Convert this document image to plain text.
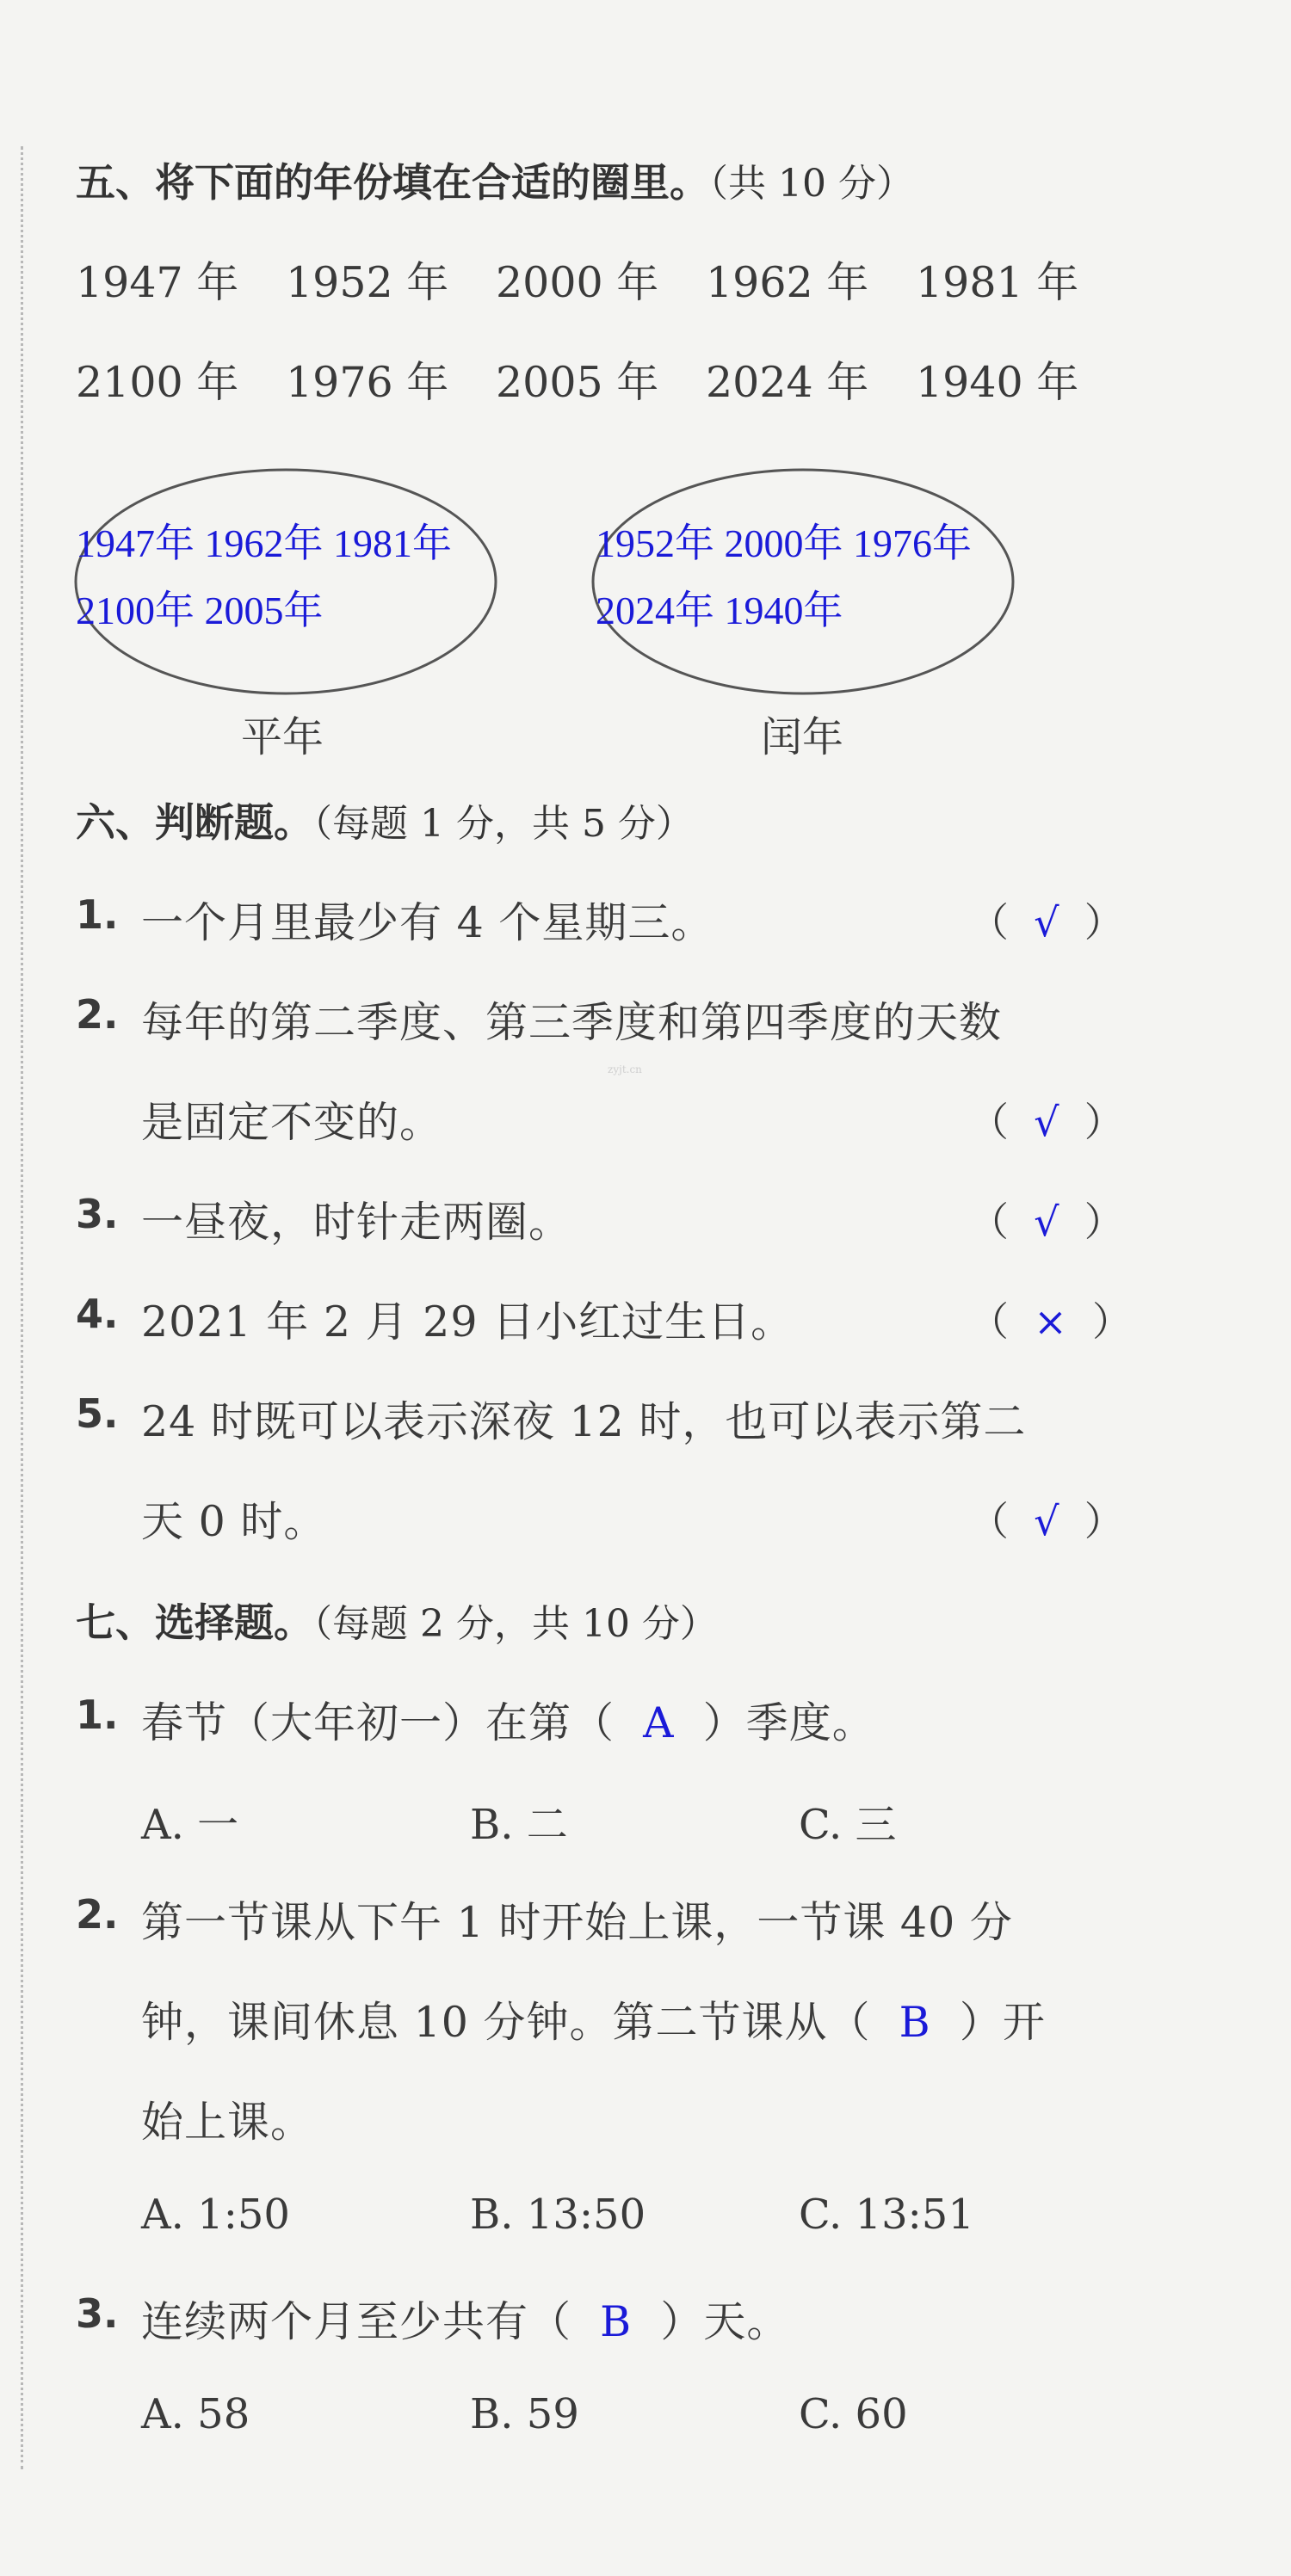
五、将下面的年份填在合适的圈里。（共 10 分）
1947 年 1952 年 2000 年 1962 年 1981 年
2100 年 1976 年 2005 年 2024 年 1940 年
1947年 1962年 1981年
2100年 2005年
1952年 2000年 1976年
2024年 1940年
平年	闰年
六、判断题。（每题 1 分，共 5 分）
1. 一个月里最少有 4 个星期三。	（  √  ）
2. 每年的第二季度、第三季度和第四季度的天数
是固定不变的。	（  √  ）
3. 一昼夜，时针走两圈。	（  √  ）
4. 2021 年 2 月 29 日小红过生日。	（  ×  ）
5. 24 时既可以表示深夜 12 时，也可以表示第二
天 0 时。	（  √  ）
七、选择题。（每题 2 分，共 10 分）
1. 春节（大年初一）在第（ A ）季度。
A. 一	B. 二	C. 三
2. 第一节课从下午 1 时开始上课，一节课 40 分
钟，课间休息 10 分钟。第二节课从（ B ）开
始上课。
A. 1:50	B. 13:50	C. 13:51
3. 连续两个月至少共有（ B ）天。
A. 58	B. 59	C. 60
zyjt.cn
